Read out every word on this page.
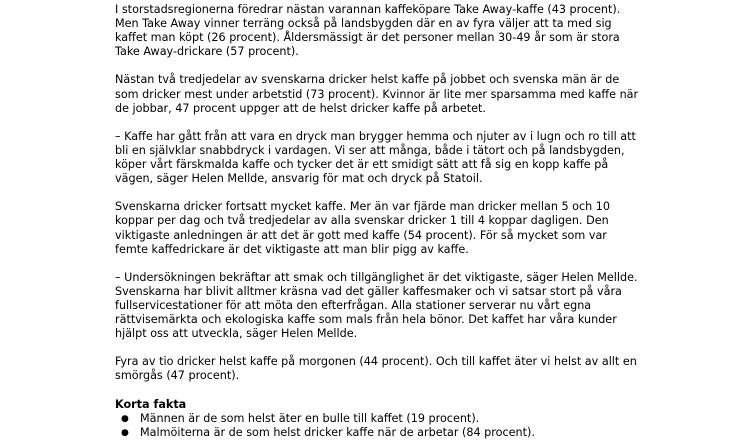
I storstadsregionerna föredrar nästan varannan kaffeköpare Take Away-kaffe (43 procent). Men Take Away vinner terräng också på landsbygden där en av fyra väljer att ta med sig kaffet man köpt (26 procent). Åldersmässigt är det personer mellan 30-49 år som är stora Take Away-drickare (57 procent).

Nästan två tredjedelar av svenskarna dricker helst kaffe på jobbet och svenska män är de som dricker mest under arbetstid (73 procent). Kvinnor är lite mer sparsamma med kaffe när de jobbar, 47 procent uppger att de helst dricker kaffe på arbetet.

– Kaffe har gått från att vara en dryck man brygger hemma och njuter av i lugn och ro till att bli en självklar snabbdryck i vardagen. Vi ser att många, både i tätort och på landsbygden, köper vårt färskmalda kaffe och tycker det är ett smidigt sätt att få sig en kopp kaffe på vägen, säger Helen Mellde, ansvarig för mat och dryck på Statoil.

Svenskarna dricker fortsatt mycket kaffe. Mer än var fjärde man dricker mellan 5 och 10 koppar per dag och två tredjedelar av alla svenskar dricker 1 till 4 koppar dagligen. Den viktigaste anledningen är att det är gott med kaffe (54 procent). För så mycket som var femte kaffedrickare är det viktigaste att man blir pigg av kaffe.

– Undersökningen bekräftar att smak och tillgänglighet är det viktigaste, säger Helen Mellde. Svenskarna har blivit alltmer kräsna vad det gäller kaffesmaker och vi satsar stort på våra fullservicestationer för att möta den efterfrågan. Alla stationer serverar nu vårt egna rättvisemärkta och ekologiska kaffe som mals från hela bönor. Det kaffet har våra kunder hjälpt oss att utveckla, säger Helen Mellde.

Fyra av tio dricker helst kaffe på morgonen (44 procent). Och till kaffet äter vi helst av allt en smörgås (47 procent).

Korta fakta

● Männen är de som helst äter en bulle till kaffet (19 procent).
● Malmöiterna är de som helst dricker kaffe när de arbetar (84 procent).
